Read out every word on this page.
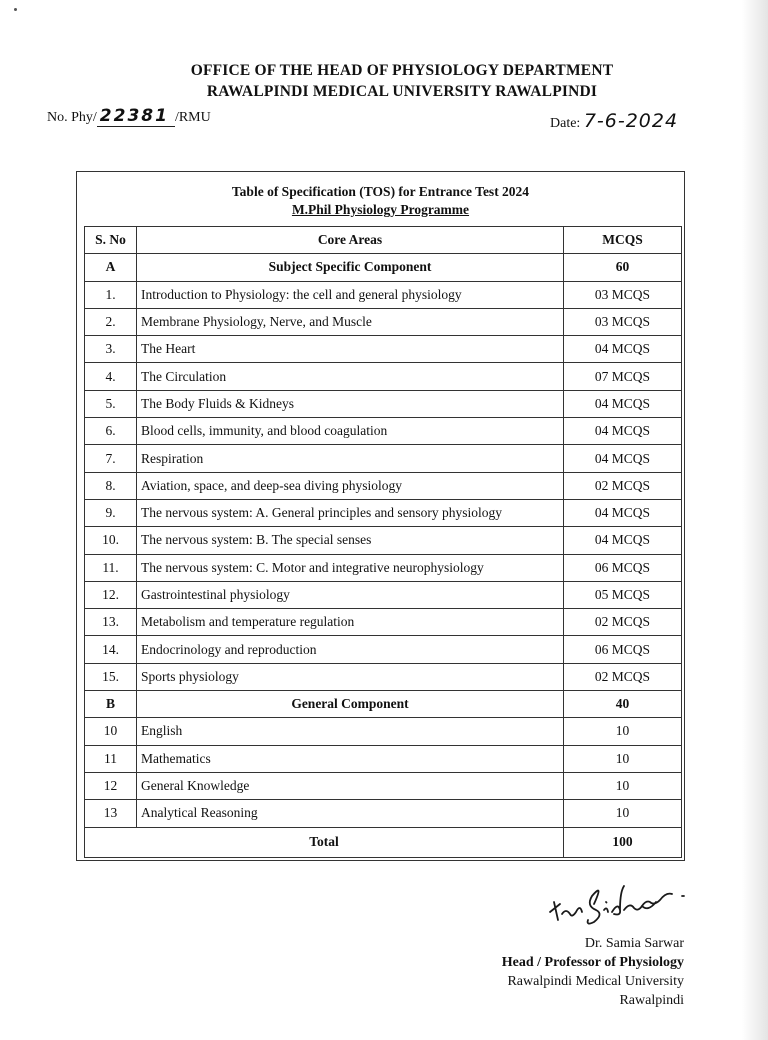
OFFICE OF THE HEAD OF PHYSIOLOGY DEPARTMENT
RAWALPINDI MEDICAL UNIVERSITY RAWALPINDI
No. Phy/ 22381 /RMU	Date: 7-6-2024
Table of Specification (TOS) for Entrance Test 2024
M.Phil Physiology Programme
S. No	Core Areas	MCQS
A	Subject Specific Component	60
1.	Introduction to Physiology: the cell and general physiology	03 MCQS
2.	Membrane Physiology, Nerve, and Muscle	03 MCQS
3.	The Heart	04 MCQS
4.	The Circulation	07 MCQS
5.	The Body Fluids & Kidneys	04 MCQS
6.	Blood cells, immunity, and blood coagulation	04 MCQS
7.	Respiration	04 MCQS
8.	Aviation, space, and deep-sea diving physiology	02 MCQS
9.	The nervous system: A. General principles and sensory physiology	04 MCQS
10.	The nervous system: B. The special senses	04 MCQS
11.	The nervous system: C. Motor and integrative neurophysiology	06 MCQS
12.	Gastrointestinal physiology	05 MCQS
13.	Metabolism and temperature regulation	02 MCQS
14.	Endocrinology and reproduction	06 MCQS
15.	Sports physiology	02 MCQS
B	General Component	40
10	English	10
11	Mathematics	10
12	General Knowledge	10
13	Analytical Reasoning	10
Total		100
Dr. Samia Sarwar
Head / Professor of Physiology
Rawalpindi Medical University
Rawalpindi
